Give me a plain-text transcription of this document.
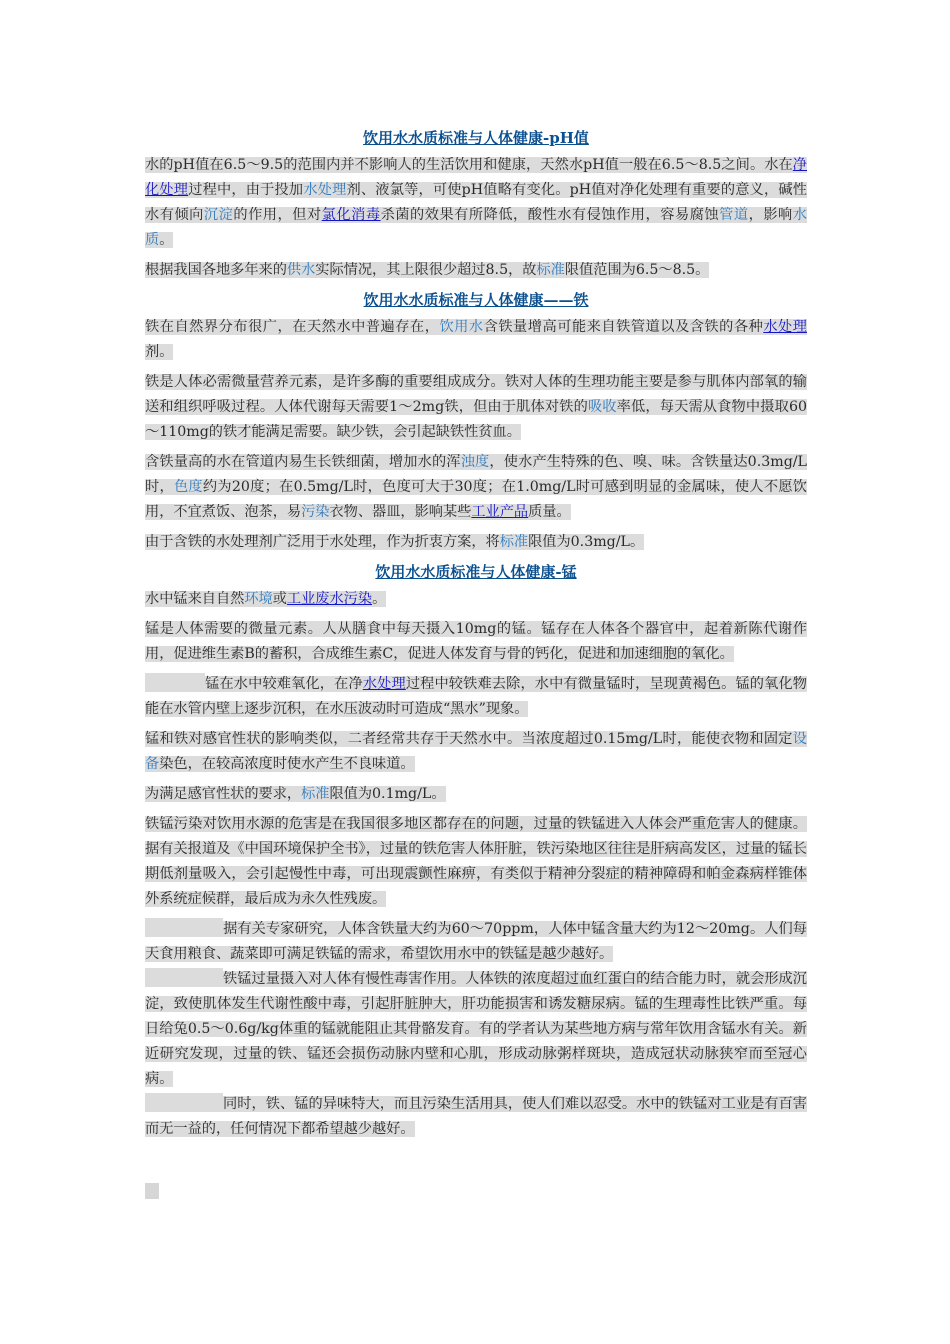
饮用水水质标准与人体健康-pH值
水的pH值在6.5～9.5的范围内并不影响人的生活饮用和健康，天然水pH值一般在6.5～8.5之间。水在净化处理过程中，由于投加水处理剂、液氯等，可使pH值略有变化。pH值对净化处理有重要的意义，碱性水有倾向沉淀的作用，但对氯化消毒杀菌的效果有所降低，酸性水有侵蚀作用，容易腐蚀管道，影响水质。
根据我国各地多年来的供水实际情况，其上限很少超过8.5，故标准限值范围为6.5～8.5。
饮用水水质标准与人体健康——铁
铁在自然界分布很广，在天然水中普遍存在，饮用水含铁量增高可能来自铁管道以及含铁的各种水处理剂。
铁是人体必需微量营养元素，是许多酶的重要组成成分。铁对人体的生理功能主要是参与肌体内部氧的输送和组织呼吸过程。人体代谢每天需要1～2mg铁，但由于肌体对铁的吸收率低，每天需从食物中摄取60～110mg的铁才能满足需要。缺少铁，会引起缺铁性贫血。
含铁量高的水在管道内易生长铁细菌，增加水的浑浊度，使水产生特殊的色、嗅、味。含铁量达0.3mg/L时，色度约为20度；在0.5mg/L时，色度可大于30度；在1.0mg/L时可感到明显的金属味，使人不愿饮用，不宜煮饭、泡茶，易污染衣物、器皿，影响某些工业产品质量。
由于含铁的水处理剂广泛用于水处理，作为折衷方案，将标准限值为0.3mg/L。
饮用水水质标准与人体健康-锰
水中锰来自自然环境或工业废水污染。
锰是人体需要的微量元素。人从膳食中每天摄入10mg的锰。锰存在人体各个器官中，起着新陈代谢作用，促进维生素B的蓄积，合成维生素C，促进人体发育与骨的钙化，促进和加速细胞的氧化。
锰在水中较难氧化，在净水处理过程中较铁难去除，水中有微量锰时，呈现黄褐色。锰的氧化物能在水管内壁上逐步沉积，在水压波动时可造成“黑水”现象。
锰和铁对感官性状的影响类似，二者经常共存于天然水中。当浓度超过0.15mg/L时，能使衣物和固定设备染色，在较高浓度时使水产生不良味道。
为满足感官性状的要求，标准限值为0.1mg/L。
铁锰污染对饮用水源的危害是在我国很多地区都存在的问题，过量的铁锰进入人体会严重危害人的健康。据有关报道及《中国环境保护全书》，过量的铁危害人体肝脏，铁污染地区往往是肝病高发区，过量的锰长期低剂量吸入，会引起慢性中毒，可出现震颤性麻痹，有类似于精神分裂症的精神障碍和帕金森病样锥体外系统症候群，最后成为永久性残废。
据有关专家研究，人体含铁量大约为60～70ppm，人体中锰含量大约为12～20mg。人们每天食用粮食、蔬菜即可满足铁锰的需求，希望饮用水中的铁锰是越少越好。
铁锰过量摄入对人体有慢性毒害作用。人体铁的浓度超过血红蛋白的结合能力时，就会形成沉淀，致使肌体发生代谢性酸中毒，引起肝脏肿大，肝功能损害和诱发糖尿病。锰的生理毒性比铁严重。每日给兔0.5～0.6g/kg体重的锰就能阻止其骨骼发育。有的学者认为某些地方病与常年饮用含锰水有关。新近研究发现，过量的铁、锰还会损伤动脉内壁和心肌，形成动脉粥样斑块，造成冠状动脉狭窄而至冠心病。
同时，铁、锰的异味特大，而且污染生活用具，使人们难以忍受。水中的铁锰对工业是有百害而无一益的，任何情况下都希望越少越好。
